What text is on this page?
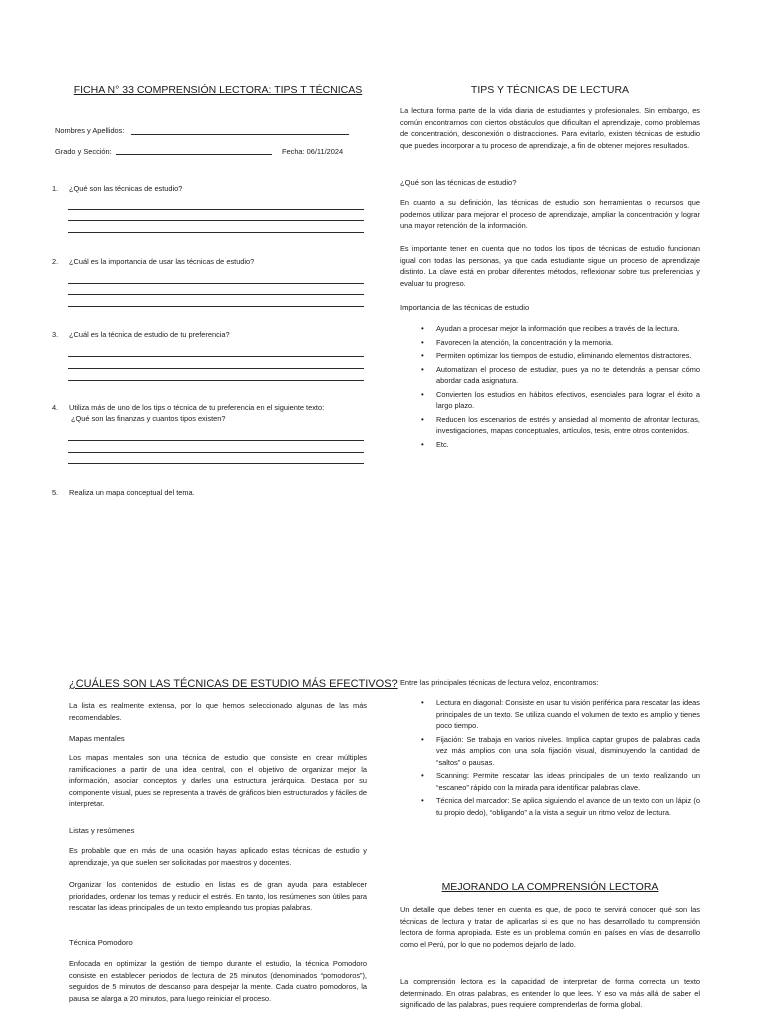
FICHA N° 33 COMPRENSIÓN LECTORA: TIPS T TÉCNICAS
Nombres y Apellidos:
Grado y Sección:	Fecha: 06/11/2024
1. ¿Qué son las técnicas de estudio?
2. ¿Cuál es la importancia de usar las técnicas de estudio?
3. ¿Cuál es la técnica de estudio de tu preferencia?
4. Utiliza más de uno de los tips o técnica de tu preferencia en el siguiente texto:
¿Qué son las finanzas y cuantos tipos existen?
5. Realiza un mapa conceptual del tema.
TIPS Y TÉCNICAS DE LECTURA
La lectura forma parte de la vida diaria de estudiantes y profesionales. Sin embargo, es común encontrarnos con ciertos obstáculos que dificultan el aprendizaje, como problemas de concentración, desconexión o distracciones. Para evitarlo, existen técnicas de estudio que puedes incorporar a tu proceso de aprendizaje, a fin de obtener mejores resultados.
¿Qué son las técnicas de estudio?
En cuanto a su definición, las técnicas de estudio son herramientas o recursos que podemos utilizar para mejorar el proceso de aprendizaje, ampliar la concentración y lograr una mayor retención de la información.
Es importante tener en cuenta que no todos los tipos de técnicas de estudio funcionan igual con todas las personas, ya que cada estudiante sigue un proceso de aprendizaje distinto. La clave está en probar diferentes métodos, reflexionar sobre tus preferencias y evaluar tu progreso.
Importancia de las técnicas de estudio
• Ayudan a procesar mejor la información que recibes a través de la lectura.
• Favorecen la atención, la concentración y la memoria.
• Permiten optimizar los tiempos de estudio, eliminando elementos distractores.
• Automatizan el proceso de estudiar, pues ya no te detendrás a pensar cómo abordar cada asignatura.
• Convierten los estudios en hábitos efectivos, esenciales para lograr el éxito a largo plazo.
• Reducen los escenarios de estrés y ansiedad al momento de afrontar lecturas, investigaciones, mapas conceptuales, artículos, tesis, entre otros contenidos.
• Etc.
¿CUÁLES SON LAS TÉCNICAS DE ESTUDIO MÁS EFECTIVOS?
La lista es realmente extensa, por lo que hemos seleccionado algunas de las más recomendables.
Mapas mentales
Los mapas mentales son una técnica de estudio que consiste en crear múltiples ramificaciones a partir de una idea central, con el objetivo de organizar mejor la información, asociar conceptos y darles una estructura jerárquica. Destaca por su componente visual, pues se representa a través de gráficos bien estructurados y fáciles de interpretar.
Listas y resúmenes
Es probable que en más de una ocasión hayas aplicado estas técnicas de estudio y aprendizaje, ya que suelen ser solicitadas por maestros y docentes.
Organizar los contenidos de estudio en listas es de gran ayuda para establecer prioridades, ordenar los temas y reducir el estrés. En tanto, los resúmenes son útiles para rescatar las ideas principales de un texto empleando tus propias palabras.
Técnica Pomodoro
Enfocada en optimizar la gestión de tiempo durante el estudio, la técnica Pomodoro consiste en establecer periodos de lectura de 25 minutos (denominados “pomodoros”), seguidos de 5 minutos de descanso para despejar la mente. Cada cuatro pomodoros, la pausa se alarga a 20 minutos, para luego reiniciar el proceso.
Entre las principales técnicas de lectura veloz, encontramos:
• Lectura en diagonal: Consiste en usar tu visión periférica para rescatar las ideas principales de un texto. Se utiliza cuando el volumen de texto es amplio y tienes poco tiempo.
• Fijación: Se trabaja en varios niveles. Implica captar grupos de palabras cada vez más amplios con una sola fijación visual, disminuyendo la cantidad de “saltos” o pausas.
• Scanning: Permite rescatar las ideas principales de un texto realizando un “escaneo” rápido con la mirada para identificar palabras clave.
• Técnica del marcador: Se aplica siguiendo el avance de un texto con un lápiz (o tu propio dedo), “obligando” a la vista a seguir un ritmo veloz de lectura.
MEJORANDO LA COMPRENSIÓN LECTORA
Un detalle que debes tener en cuenta es que, de poco te servirá conocer qué son las técnicas de lectura y tratar de aplicarlas si es que no has desarrollado tu comprensión lectora de forma apropiada. Este es un problema común en países en vías de desarrollo como el Perú, por lo que no podemos dejarlo de lado.
La comprensión lectora es la capacidad de interpretar de forma correcta un texto determinado. En otras palabras, es entender lo que lees. Y eso va más allá de saber el significado de las palabras, pues requiere comprenderlas de forma global.
